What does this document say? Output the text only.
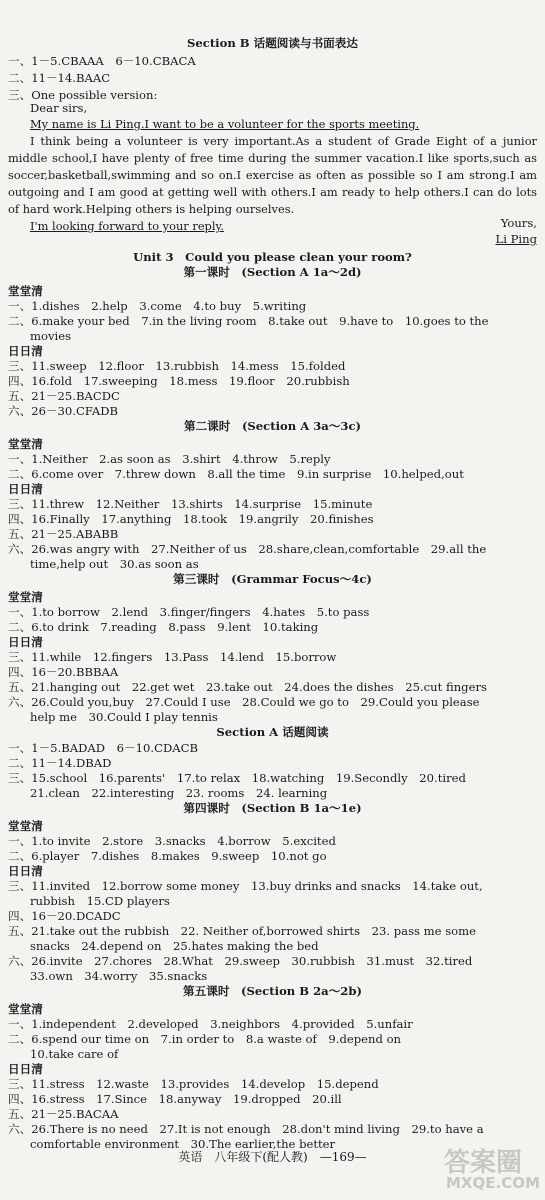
Section B 话题阅读与书面表达
一、1－5.CBAAA　6－10.CBACA
二、11－14.BAAC
三、One possible version:
Dear sirs,

My name is Li Ping.I want to be a volunteer for the sports meeting.

I think being a volunteer is very important.As a student of Grade Eight of a junior middle school,I have plenty of free time during the summer vacation.I like sports,such as soccer,basketball,swimming and so on.I exercise as often as possible so I am strong.I am outgoing and I am good at getting well with others.I am ready to help others.I can do lots of hard work.Helping others is helping ourselves.

I'm looking forward to your reply.	Yours,
Li Ping
Unit 3　Could you please clean your room?
第一课时　(Section A 1a～2d)
堂堂清
一、1.dishes　2.help　3.come　4.to buy　5.writing
二、6.make your bed　7.in the living room　8.take out　9.have to　10.goes to the
movies
日日清
三、11.sweep　12.floor　13.rubbish　14.mess　15.folded
四、16.fold　17.sweeping　18.mess　19.floor　20.rubbish
五、21－25.BACDC
六、26－30.CFADB
第二课时　(Section A 3a～3c)
堂堂清
一、1.Neither　2.as soon as　3.shirt　4.throw　5.reply
二、6.come over　7.threw down　8.all the time　9.in surprise　10.helped,out
日日清
三、11.threw　12.Neither　13.shirts　14.surprise　15.minute
四、16.Finally　17.anything　18.took　19.angrily　20.finishes
五、21－25.ABABB
六、26.was angry with　27.Neither of us　28.share,clean,comfortable　29.all the
time,help out　30.as soon as
第三课时　(Grammar Focus～4c)
堂堂清
一、1.to borrow　2.lend　3.finger/fingers　4.hates　5.to pass
二、6.to drink　7.reading　8.pass　9.lent　10.taking
日日清
三、11.while　12.fingers　13.Pass　14.lend　15.borrow
四、16－20.BBBAA
五、21.hanging out　22.get wet　23.take out　24.does the dishes　25.cut fingers
六、26.Could you,buy　27.Could I use　28.Could we go to　29.Could you please
help me　30.Could I play tennis
Section A 话题阅读
一、1－5.BADAD　6－10.CDACB
二、11－14.DBAD
三、15.school　16.parents'　17.to relax　18.watching　19.Secondly　20.tired
21.clean　22.interesting　23. rooms　24. learning
第四课时　(Section B 1a～1e)
堂堂清
一、1.to invite　2.store　3.snacks　4.borrow　5.excited
二、6.player　7.dishes　8.makes　9.sweep　10.not go
日日清
三、11.invited　12.borrow some money　13.buy drinks and snacks　14.take out,
rubbish　15.CD players
四、16－20.DCADC
五、21.take out the rubbish　22. Neither of,borrowed shirts　23. pass me some
snacks　24.depend on　25.hates making the bed
六、26.invite　27.chores　28.What　29.sweep　30.rubbish　31.must　32.tired
33.own　34.worry　35.snacks
第五课时　(Section B 2a～2b)
堂堂清
一、1.independent　2.developed　3.neighbors　4.provided　5.unfair
二、6.spend our time on　7.in order to　8.a waste of　9.depend on
10.take care of
日日清
三、11.stress　12.waste　13.provides　14.develop　15.depend
四、16.stress　17.Since　18.anyway　19.dropped　20.ill
五、21－25.BACAA
六、26.There is no need　27.It is not enough　28.don't mind living　29.to have a
comfortable environment　30.The earlier,the better
英语　八年级下(配人教)　—169—	答案圈
MXQE.COM
